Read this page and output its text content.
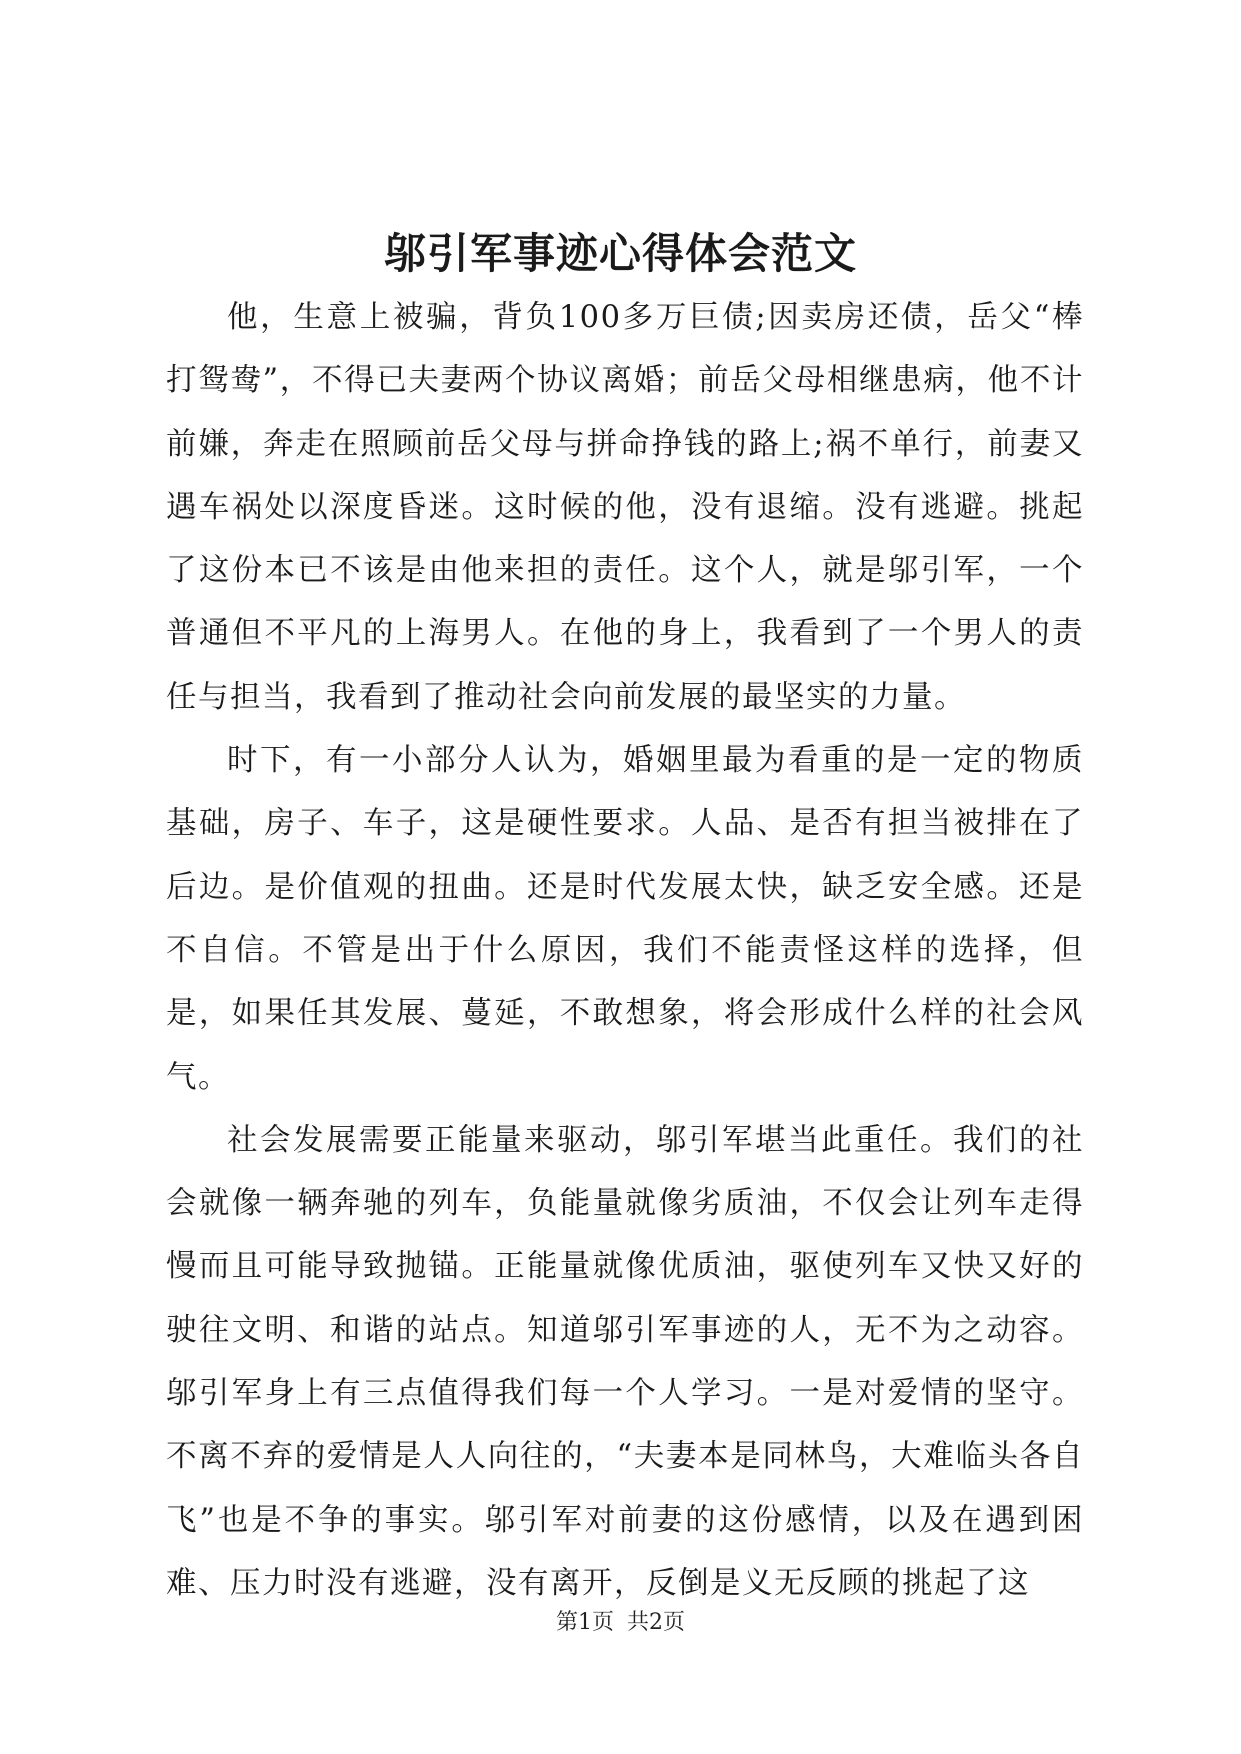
邬引军事迹心得体会范文

他，生意上被骗，背负100多万巨债;因卖房还债，岳父“棒打鸳鸯”，不得已夫妻两个协议离婚；前岳父母相继患病，他不计前嫌，奔走在照顾前岳父母与拼命挣钱的路上;祸不单行，前妻又遇车祸处以深度昏迷。这时候的他，没有退缩。没有逃避。挑起了这份本已不该是由他来担的责任。这个人，就是邬引军，一个普通但不平凡的上海男人。在他的身上，我看到了一个男人的责任与担当，我看到了推动社会向前发展的最坚实的力量。

时下，有一小部分人认为，婚姻里最为看重的是一定的物质基础，房子、车子，这是硬性要求。人品、是否有担当被排在了后边。是价值观的扭曲。还是时代发展太快，缺乏安全感。还是不自信。不管是出于什么原因，我们不能责怪这样的选择，但是，如果任其发展、蔓延，不敢想象，将会形成什么样的社会风气。

社会发展需要正能量来驱动，邬引军堪当此重任。我们的社会就像一辆奔驰的列车，负能量就像劣质油，不仅会让列车走得慢而且可能导致抛锚。正能量就像优质油，驱使列车又快又好的驶往文明、和谐的站点。知道邬引军事迹的人，无不为之动容。邬引军身上有三点值得我们每一个人学习。一是对爱情的坚守。不离不弃的爱情是人人向往的，“夫妻本是同林鸟，大难临头各自飞”也是不争的事实。邬引军对前妻的这份感情，以及在遇到困难、压力时没有逃避，没有离开，反倒是义无反顾的挑起了这

第1页 共2页
